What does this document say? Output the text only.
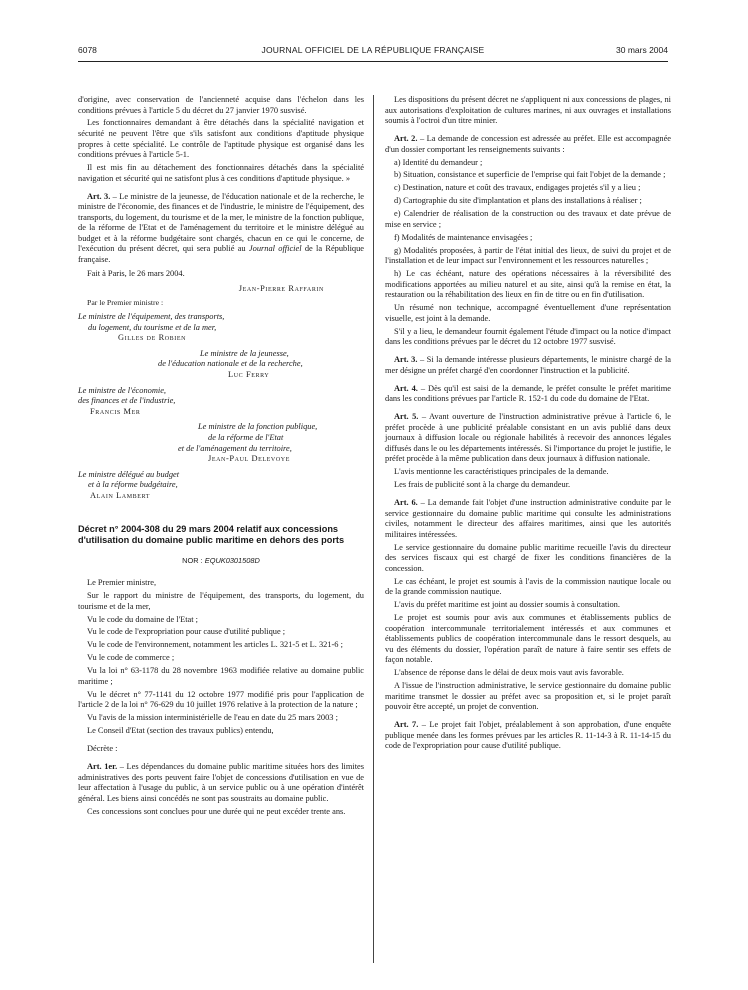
6078	JOURNAL OFFICIEL DE LA RÉPUBLIQUE FRANÇAISE	30 mars 2004

d'origine, avec conservation de l'ancienneté acquise dans l'échelon dans les conditions prévues à l'article 5 du décret du 27 janvier 1970 susvisé.

Les fonctionnaires demandant à être détachés dans la spécialité navigation et sécurité ne peuvent l'être que s'ils satisfont aux conditions d'aptitude physique propres à cette spécialité. Le contrôle de l'aptitude physique est organisé dans les conditions prévues à l'article 5-1.

Il est mis fin au détachement des fonctionnaires détachés dans la spécialité navigation et sécurité qui ne satisfont plus à ces conditions d'aptitude physique. »

Art. 3. – Le ministre de la jeunesse, de l'éducation nationale et de la recherche, le ministre de l'économie, des finances et de l'industrie, le ministre de l'équipement, des transports, du logement, du tourisme et de la mer, le ministre de la fonction publique, de la réforme de l'Etat et de l'aménagement du territoire et le ministre délégué au budget et à la réforme budgétaire sont chargés, chacun en ce qui le concerne, de l'exécution du présent décret, qui sera publié au Journal officiel de la République française.

Fait à Paris, le 26 mars 2004.

Jean-Pierre Raffarin
Par le Premier ministre :
Le ministre de l'équipement, des transports,
du logement, du tourisme et de la mer,
Gilles de Robien
Le ministre de la jeunesse,
de l'éducation nationale et de la recherche,
Luc Ferry
Le ministre de l'économie,
des finances et de l'industrie,
Francis Mer
Le ministre de la fonction publique,
de la réforme de l'Etat
et de l'aménagement du territoire,
Jean-Paul Delevoye
Le ministre délégué au budget
et à la réforme budgétaire,
Alain Lambert
Décret n° 2004-308 du 29 mars 2004 relatif aux concessions d'utilisation du domaine public maritime en dehors des ports
NOR : EQUK0301508D

Le Premier ministre,

Sur le rapport du ministre de l'équipement, des transports, du logement, du tourisme et de la mer,

Vu le code du domaine de l'Etat ;

Vu le code de l'expropriation pour cause d'utilité publique ;

Vu le code de l'environnement, notamment les articles L. 321-5 et L. 321-6 ;

Vu le code de commerce ;

Vu la loi n° 63-1178 du 28 novembre 1963 modifiée relative au domaine public maritime ;

Vu le décret n° 77-1141 du 12 octobre 1977 modifié pris pour l'application de l'article 2 de la loi n° 76-629 du 10 juillet 1976 relative à la protection de la nature ;

Vu l'avis de la mission interministérielle de l'eau en date du 25 mars 2003 ;

Le Conseil d'Etat (section des travaux publics) entendu,

Décrète :

Art. 1er. – Les dépendances du domaine public maritime situées hors des limites administratives des ports peuvent faire l'objet de concessions d'utilisation en vue de leur affectation à l'usage du public, à un service public ou à une opération d'intérêt général. Les biens ainsi concédés ne sont pas soustraits au domaine public.

Ces concessions sont conclues pour une durée qui ne peut excéder trente ans.

Les dispositions du présent décret ne s'appliquent ni aux concessions de plages, ni aux autorisations d'exploitation de cultures marines, ni aux ouvrages et installations soumis à l'octroi d'un titre minier.

Art. 2. – La demande de concession est adressée au préfet. Elle est accompagnée d'un dossier comportant les renseignements suivants :

a) Identité du demandeur ;

b) Situation, consistance et superficie de l'emprise qui fait l'objet de la demande ;

c) Destination, nature et coût des travaux, endigages projetés s'il y a lieu ;

d) Cartographie du site d'implantation et plans des installations à réaliser ;

e) Calendrier de réalisation de la construction ou des travaux et date prévue de mise en service ;

f) Modalités de maintenance envisagées ;

g) Modalités proposées, à partir de l'état initial des lieux, de suivi du projet et de l'installation et de leur impact sur l'environnement et les ressources naturelles ;

h) Le cas échéant, nature des opérations nécessaires à la réversibilité des modifications apportées au milieu naturel et au site, ainsi qu'à la remise en état, la restauration ou la réhabilitation des lieux en fin de titre ou en fin d'utilisation.

Un résumé non technique, accompagné éventuellement d'une représentation visuelle, est joint à la demande.

S'il y a lieu, le demandeur fournit également l'étude d'impact ou la notice d'impact dans les conditions prévues par le décret du 12 octobre 1977 susvisé.

Art. 3. – Si la demande intéresse plusieurs départements, le ministre chargé de la mer désigne un préfet chargé d'en coordonner l'instruction et la publicité.

Art. 4. – Dès qu'il est saisi de la demande, le préfet consulte le préfet maritime dans les conditions prévues par l'article R. 152-1 du code du domaine de l'Etat.

Art. 5. – Avant ouverture de l'instruction administrative prévue à l'article 6, le préfet procède à une publicité préalable consistant en un avis publié dans deux journaux à diffusion locale ou régionale habilités à recevoir des annonces légales diffusés dans le ou les départements intéressés. Si l'importance du projet le justifie, le préfet procède à la même publication dans deux journaux à diffusion nationale.

L'avis mentionne les caractéristiques principales de la demande.

Les frais de publicité sont à la charge du demandeur.

Art. 6. – La demande fait l'objet d'une instruction administrative conduite par le service gestionnaire du domaine public maritime qui consulte les administrations civiles, notamment le directeur des affaires maritimes, ainsi que les autorités militaires intéressées.

Le service gestionnaire du domaine public maritime recueille l'avis du directeur des services fiscaux qui est chargé de fixer les conditions financières de la concession.

Le cas échéant, le projet est soumis à l'avis de la commission nautique locale ou de la grande commission nautique.

L'avis du préfet maritime est joint au dossier soumis à consultation.

Le projet est soumis pour avis aux communes et établissements publics de coopération intercommunale territorialement intéressés et aux communes et établissements publics de coopération intercommunale dans le ressort desquels, au vu des éléments du dossier, l'opération paraît de nature à faire sentir ses effets de façon notable.

L'absence de réponse dans le délai de deux mois vaut avis favorable.

A l'issue de l'instruction administrative, le service gestionnaire du domaine public maritime transmet le dossier au préfet avec sa proposition et, si le projet paraît pouvoir être accepté, un projet de convention.

Art. 7. – Le projet fait l'objet, préalablement à son approbation, d'une enquête publique menée dans les formes prévues par les articles R. 11-14-3 à R. 11-14-15 du code de l'expropriation pour cause d'utilité publique.
